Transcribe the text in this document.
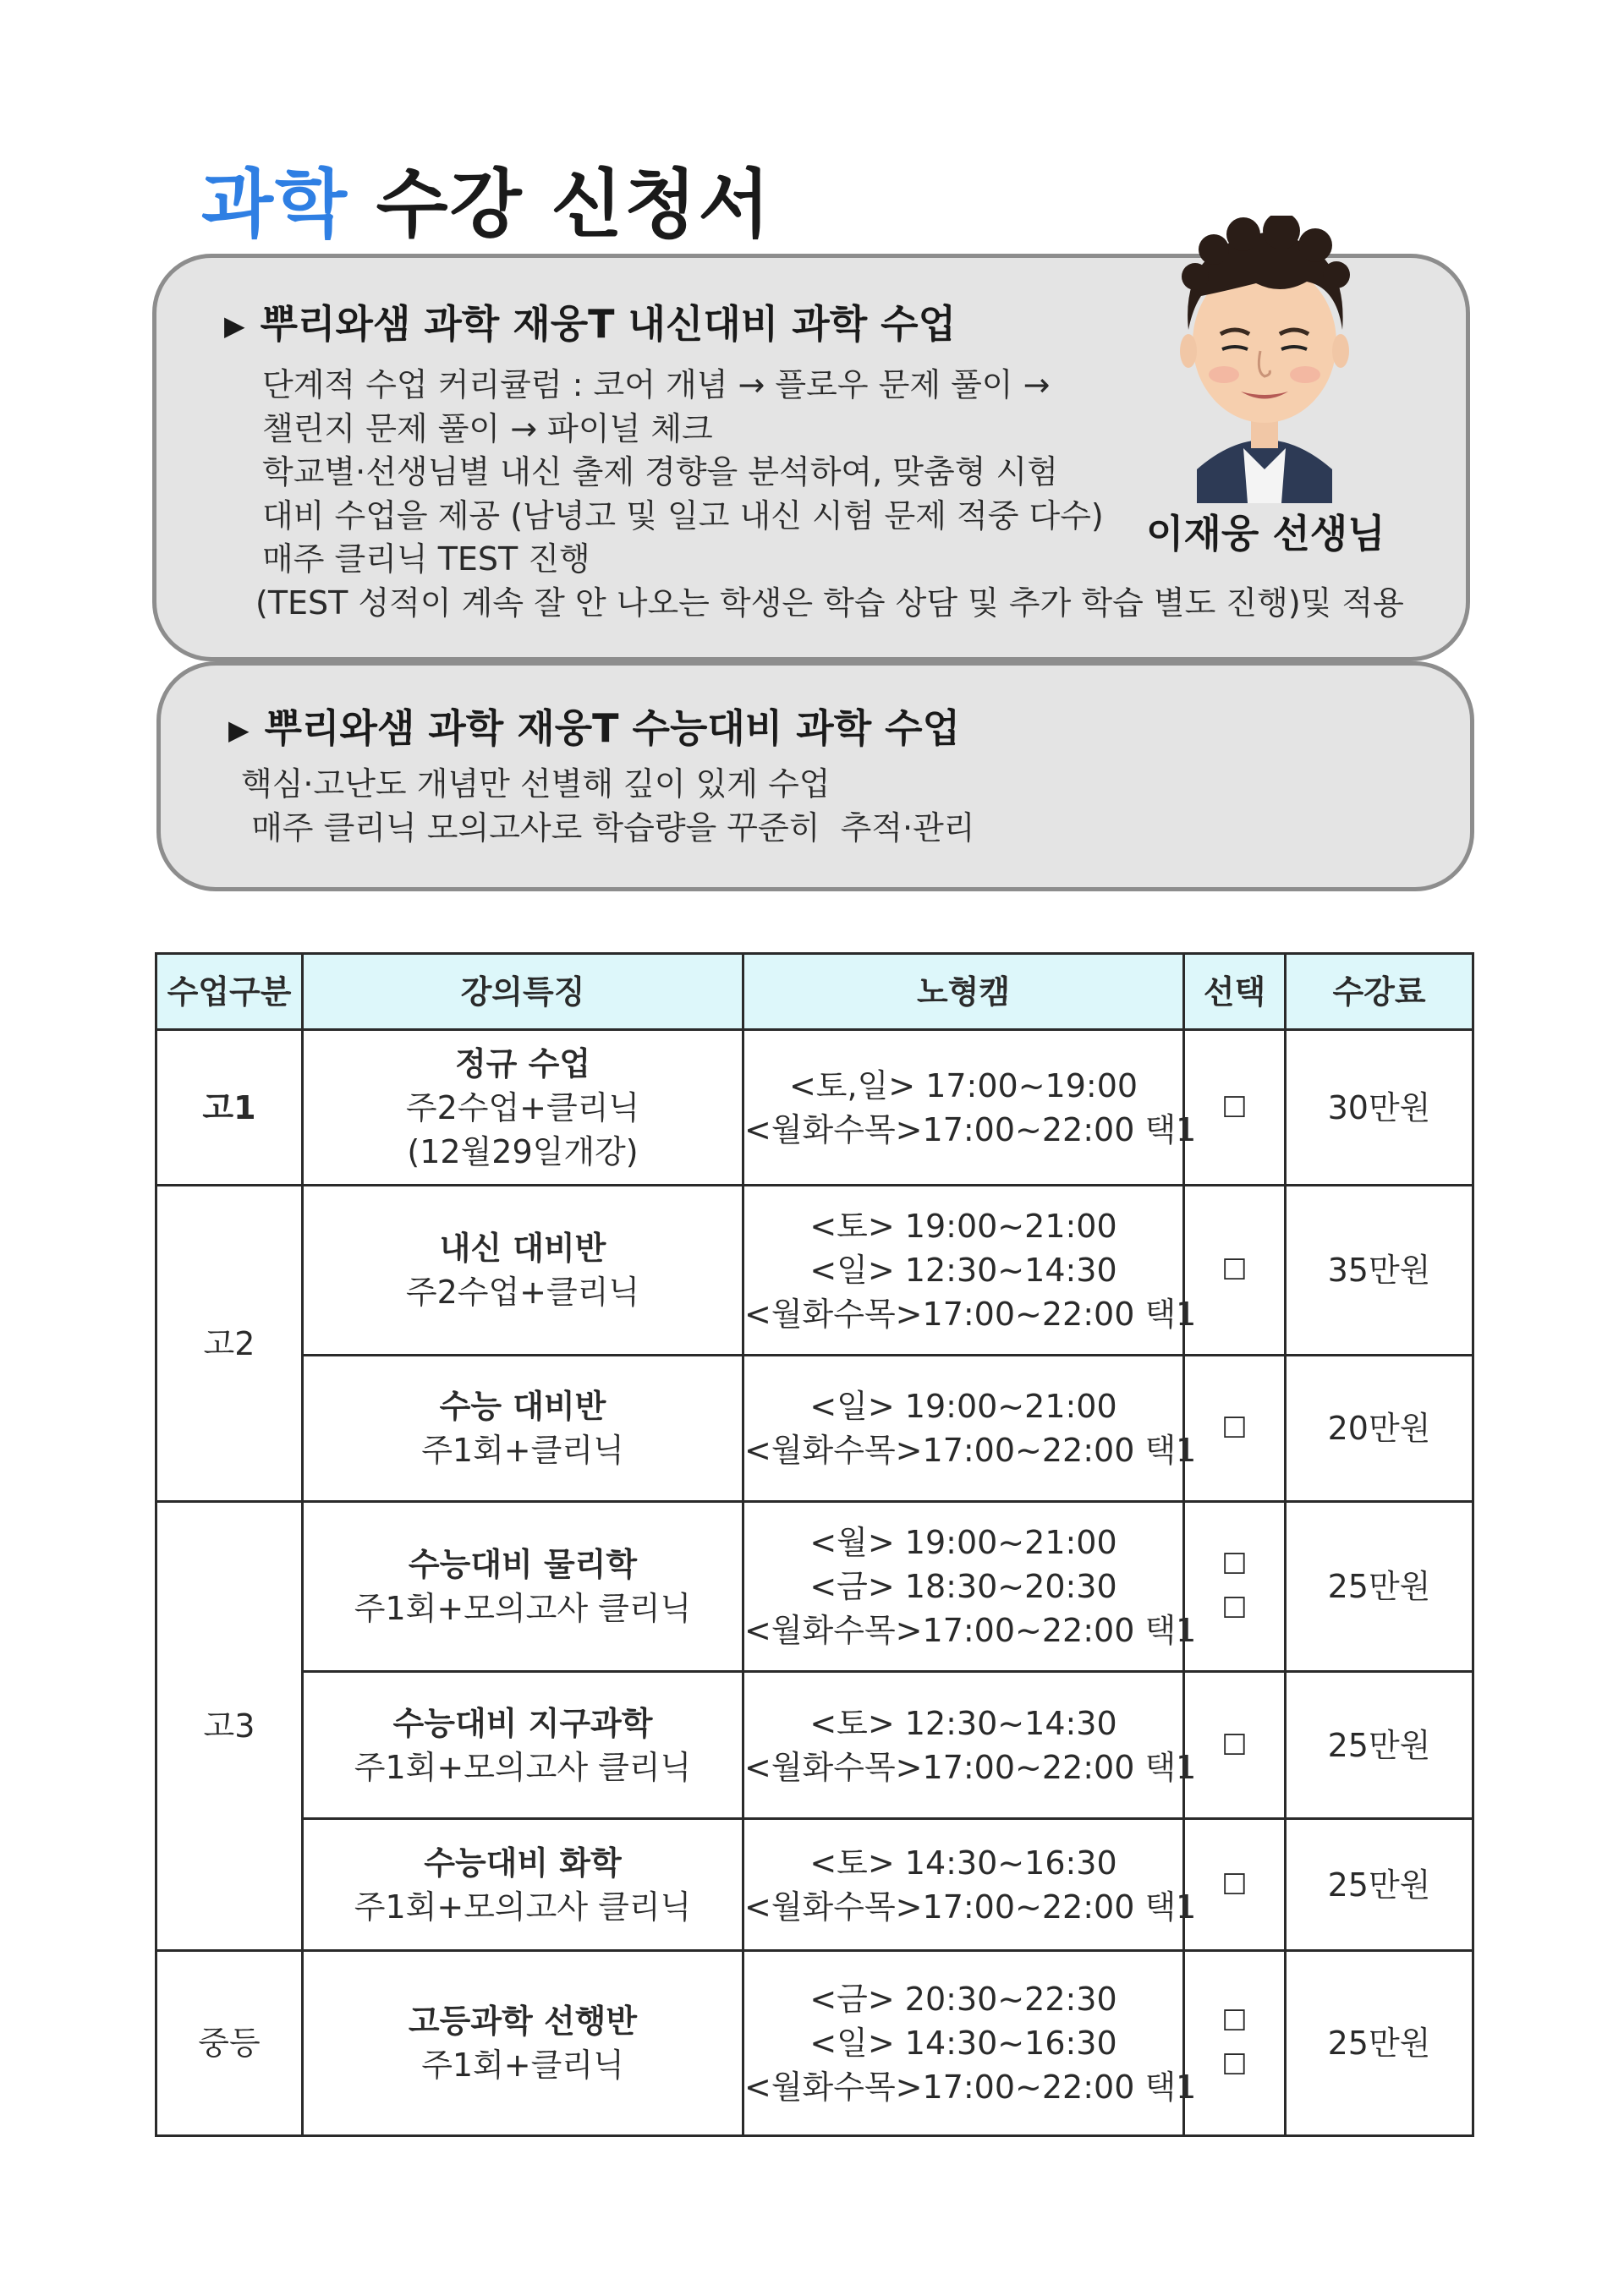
과학 수강 신청서
▶ 뿌리와샘 과학 재웅T 내신대비 과학 수업
단계적 수업 커리큘럼 : 코어 개념 → 플로우 문제 풀이 →
챌린지 문제 풀이 → 파이널 체크
학교별·선생님별 내신 출제 경향을 분석하여, 맞춤형 시험
대비 수업을 제공 (남녕고 및 일고 내신 시험 문제 적중 다수)
매주 클리닉 TEST 진행
(TEST 성적이 계속 잘 안 나오는 학생은 학습 상담 및 추가 학습 별도 진행)및 적용
이재웅 선생님
▶ 뿌리와샘 과학 재웅T 수능대비 과학 수업
핵심·고난도 개념만 선별해 깊이 있게 수업
매주 클리닉 모의고사로 학습량을 꾸준히  추적·관리
수업구분	강의특징	노형캠	선택	수강료
고1	정규 수업
주2수업+클리닉
(12월29일개강)	<토,일> 17:00~19:00
<월화수목>17:00~22:00 택1	☐	30만원
고2	내신 대비반
주2수업+클리닉	<토> 19:00~21:00
<일> 12:30~14:30
<월화수목>17:00~22:00 택1	☐	35만원

	수능 대비반
주1회+클리닉	<일> 19:00~21:00
<월화수목>17:00~22:00 택1	☐	20만원
고3	수능대비 물리학
주1회+모의고사 클리닉	<월> 19:00~21:00
<금> 18:30~20:30
<월화수목>17:00~22:00 택1	☐
☐	25만원

	수능대비 지구과학
주1회+모의고사 클리닉	<토> 12:30~14:30
<월화수목>17:00~22:00 택1	☐	25만원

	수능대비 화학
주1회+모의고사 클리닉	<토> 14:30~16:30
<월화수목>17:00~22:00 택1	☐	25만원
중등	고등과학 선행반
주1회+클리닉	<금> 20:30~22:30
<일> 14:30~16:30
<월화수목>17:00~22:00 택1	☐
☐	25만원
